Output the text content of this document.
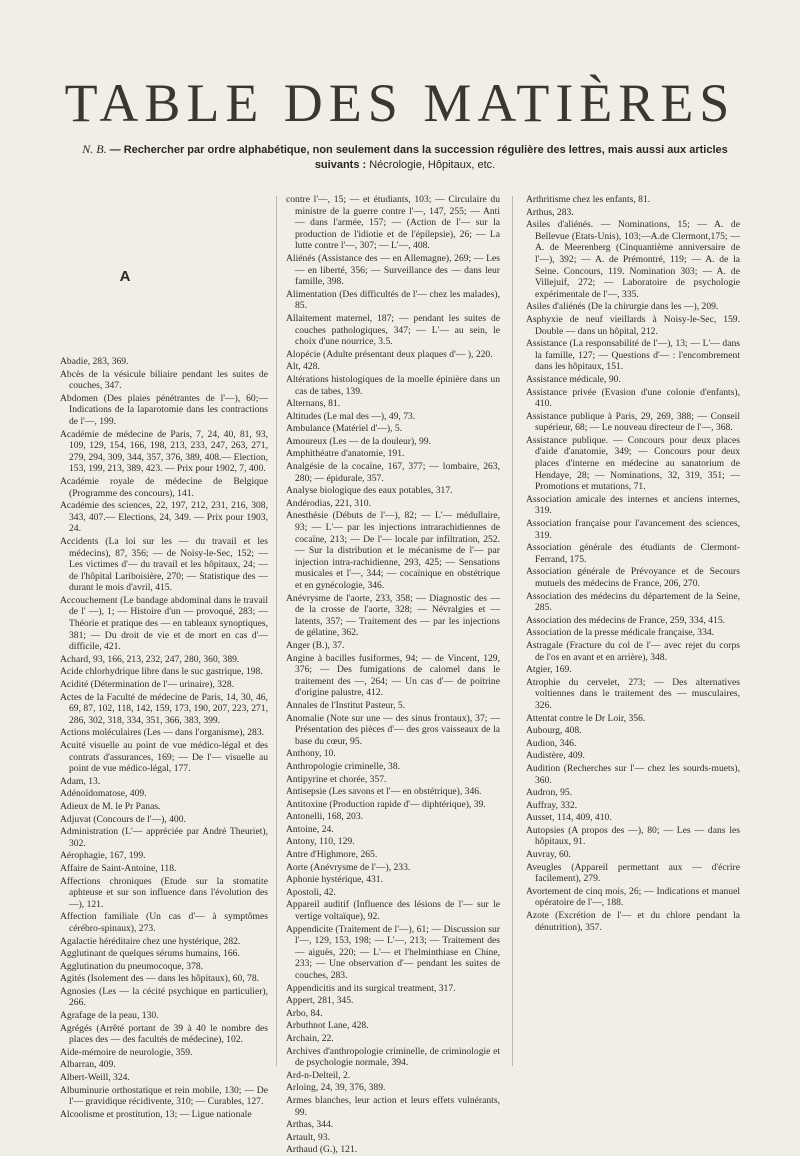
TABLE DES MATIÈRES
N. B. — Rechercher par ordre alphabétique, non seulement dans la succession régulière des lettres, mais aussi aux articles suivants : Nécrologie, Hôpitaux, etc.
A
Abadie, 283, 369.
Abcès de la vésicule biliaire pendant les suites de couches, 347.
Abdomen (Des plaies pénétrantes de l'—), 60;— Indications de la laparotomie dans les contractions de l'—, 199.
Académie de médecine de Paris, 7, 24, 40, 81, 93, 109, 129, 154, 166, 198, 213, 233, 247, 263, 271, 279, 294, 309, 344, 357, 376, 389, 408.— Election, 153, 199, 213, 389, 423. — Prix pour 1902, 7, 400.
Académie royale de médecine de Belgique (Programme des concours), 141.
Académie des sciences, 22, 197, 212, 231, 216, 308, 343, 407.— Elections, 24, 349. — Prix pour 1903, 24.
Accidents (La loi sur les — du travail et les médecins), 87, 356; — de Noisy-le-Sec, 152; — Les victimes d'— du travail et les hôpitaux, 24; — de l'hôpital Lariboisière, 270; — Statistique des — durant le mois d'avril, 415.
Accouchement (Le bandage abdominal dans le travail de l' —), 1; — Histoire d'un — provoqué, 283; — Théorie et pratique des — en tableaux synoptiques, 381; — Du droit de vie et de mort en cas d'— difficile, 421.
Achard, 93, 166, 213, 232, 247, 280, 360, 389.
Acide chlorhydrique libre dans le suc gastrique, 198.
Acidité (Détermination de l'— urinaire), 328.
Actes de la Faculté de médecine de Paris, 14, 30, 46, 69, 87, 102, 118, 142, 159, 173, 190, 207, 223, 271, 286, 302, 318, 334, 351, 366, 383, 399.
Actions moléculaires (Les — dans l'organisme), 283.
Acuité visuelle au point de vue médico-légal et des contrats d'assurances, 169; — De l'— visuelle au point de vue médico-légal, 177.
Adam, 13.
Adénoïdomatose, 409.
Adieux de M. le Pr Panas.
Adjuvat (Concours de l'—), 400.
Administration (L'— appréciée par André Theuriet), 302.
Aérophagie, 167, 199.
Affaire de Saint-Antoine, 118.
Affections chroniques (Etude sur la stomatite aphteuse et sur son influence dans l'évolution des —), 121.
Affection familiale (Un cas d'— à symptômes cérébro-spinaux), 273.
Agalactie héréditaire chez une hystérique, 282.
Agglutinant de quelques sérums humains, 166.
Agglutination du pneumocoque, 378.
Agités (Isolement des — dans les hôpitaux), 60, 78.
Agnosies (Les — la cécité psychique en particulier), 266.
Agrafage de la peau, 130.
Agrégés (Arrêté portant de 39 à 40 le nombre des places des — des facultés de médecine), 102.
Aide-mémoire de neurologie, 359.
Albarran, 409.
Albert-Weill, 324.
Albuminurie orthostatique et rein mobile, 130; — De l'— gravidique récidivente, 310; — Curables, 127.
Alcoolisme et prostitution, 13; — Ligue nationale
contre l'—, 15; — et étudiants, 103; — Circulaire du ministre de la guerre contre l'—, 147, 255; — Anti — dans l'armée, 157; — (Action de l'— sur la production de l'idiotie et de l'épilepsie), 26; — La lutte contre l'—, 307; — L'—, 408.
Aliénés (Assistance des — en Allemagne), 269; — Les — en liberté, 356; — Surveillance des — dans leur famille, 398.
Alimentation (Des difficultés de l'— chez les malades), 85.
Allaitement maternel, 187; — pendant les suites de couches pathologiques, 347; — L'— au sein, le choix d'une nourrice, 3.5.
Alopécie (Adulte présentant deux plaques d'— ), 220.
Alt, 428.
Altérations histologiques de la moelle épinière dans un cas de tabes, 139.
Alternans, 81.
Altitudes (Le mal des —), 49, 73.
Ambulance (Matériel d'—), 5.
Amoureux (Les — de la douleur), 99.
Amphithéatre d'anatomie, 191.
Analgésie de la cocaïne, 167, 377; — lombaire, 263, 280; — épidurale, 357.
Analyse biologique des eaux potables, 317.
Andérodias, 221, 310.
Anesthésie (Débuts de l'—), 82; — L'— médullaire, 93; — L'— par les injections intrarachidiennes de cocaïne, 213; — De l'— locale par infiltration, 252. — Sur la distribution et le mécanisme de l'— par injection intra-rachidienne, 293, 425; — Sensations musicales et l'—, 344; — cocaïnique en obstétrique et en gynécologie, 346.
Anévrysme de l'aorte, 233, 358; — Diagnostic des — de la crosse de l'aorte, 328; — Névralgies et — latents, 357; — Traitement des — par les injections de gélatine, 362.
Anger (B.), 37.
Angine à bacilles fusiformes, 94; — de Vincent, 129, 376; — Des fumigations de calomel dans le traitement des —, 264; — Un cas d'— de poitrine d'origine palustre, 412.
Annales de l'Institut Pasteur, 5.
Anomalie (Note sur une — des sinus frontaux), 37; — Présentation des pièces d'— des gros vaisseaux de la base du cœur, 95.
Anthony, 10.
Anthropologie criminelle, 38.
Antipyrine et chorée, 357.
Antisepsie (Les savons et l'— en obstétrique), 346.
Antitoxine (Production rapide d'— diphtérique), 39.
Antonelli, 168, 203.
Antoine, 24.
Antony, 110, 129.
Antre d'Highmore, 265.
Aorte (Anévrysme de l'—), 233.
Aphonie hystérique, 431.
Apostoli, 42.
Appareil auditif (Influence des lésions de l'— sur le vertige voltaïque), 92.
Appendicite (Traitement de l'—), 61; — Discussion sur l'—, 129, 153, 198; — L'—, 213; — Traitement des — aiguës, 220; — L'— et l'helminthiase en Chine, 233; — Une observation d'— pendant les suites de couches, 283.
Appendicitis and its surgical treatment, 317.
Appert, 281, 345.
Arbo, 84.
Arbuthnot Lane, 428.
Archain, 22.
Archives d'anthropologie criminelle, de criminologie et de psychologie normale, 394.
Ard-n-Delteil, 2.
Arloing, 24, 39, 376, 389.
Armes blanches, leur action et leurs effets vulnérants, 99.
Arthas, 344.
Artault, 93.
Arthaud (G.), 121.
Arthritisme chez les enfants, 81.
Arthus, 283.
Asiles d'aliénés. — Nominations, 15; — A. de Bellevue (Etats-Unis), 103;—A.de Clermont,175; — A. de Meerenberg (Cinquantième anniversaire de l'—), 392; — A. de Prémontré, 119; — A. de la Seine. Concours, 119. Nomination 303; — A. de Villejuif, 272; — Laboratoire de psychologie expérimentale de l'—, 335.
Asiles d'aliénés (De la chirurgie dans les —), 209.
Asphyxie de neuf vieillards à Noisy-le-Sec, 159. Double — dans un hôpital, 212.
Assistance (La responsabilité de l'—), 13; — L'— dans la famille, 127; — Questions d'— : l'encombrement dans les hôpitaux, 151.
Assistance médicale, 90.
Assistance privée (Evasion d'une colonie d'enfants), 410.
Assistance publique à Paris, 29, 269, 388; — Conseil supérieur, 68; — Le nouveau directeur de l'—, 368.
Assistance publique. — Concours pour deux places d'aide d'anatomie, 349; — Concours pour deux places d'interne en médecine au sanatorium de Hendaye, 28; — Nominations, 32, 319, 351; — Promotions et mutations, 71.
Association amicale des internes et anciens internes, 319.
Association française pour l'avancement des sciences, 319.
Association générale des étudiants de Clermont-Ferrand, 175.
Association générale de Prévoyance et de Secours mutuels des médecins de France, 206, 270.
Association des médecins du département de la Seine, 285.
Association des médecins de France, 259, 334, 415.
Association de la presse médicale française, 334.
Astragale (Fracture du col de l'— avec rejet du corps de l'os en avant et en arrière), 348.
Atgier, 169.
Atrophie du cervelet, 273; — Des alternatives voltiennes dans le traitement des — musculaires, 326.
Attentat contre le Dr Loir, 356.
Aubourg, 408.
Audion, 346.
Audistère, 409.
Audition (Recherches sur l'— chez les sourds-muets), 360.
Audron, 95.
Auffray, 332.
Ausset, 114, 409, 410.
Autopsies (A propos des —), 80; — Les — dans les hôpitaux, 91.
Auvray, 60.
Aveugles (Appareil permettant aux — d'écrire facilement), 279.
Avortement de cinq mois, 26; — Indications et manuel opératoire de l'—, 188.
Azote (Excrétion de l'— et du chlore pendant la dénutrition), 357.
